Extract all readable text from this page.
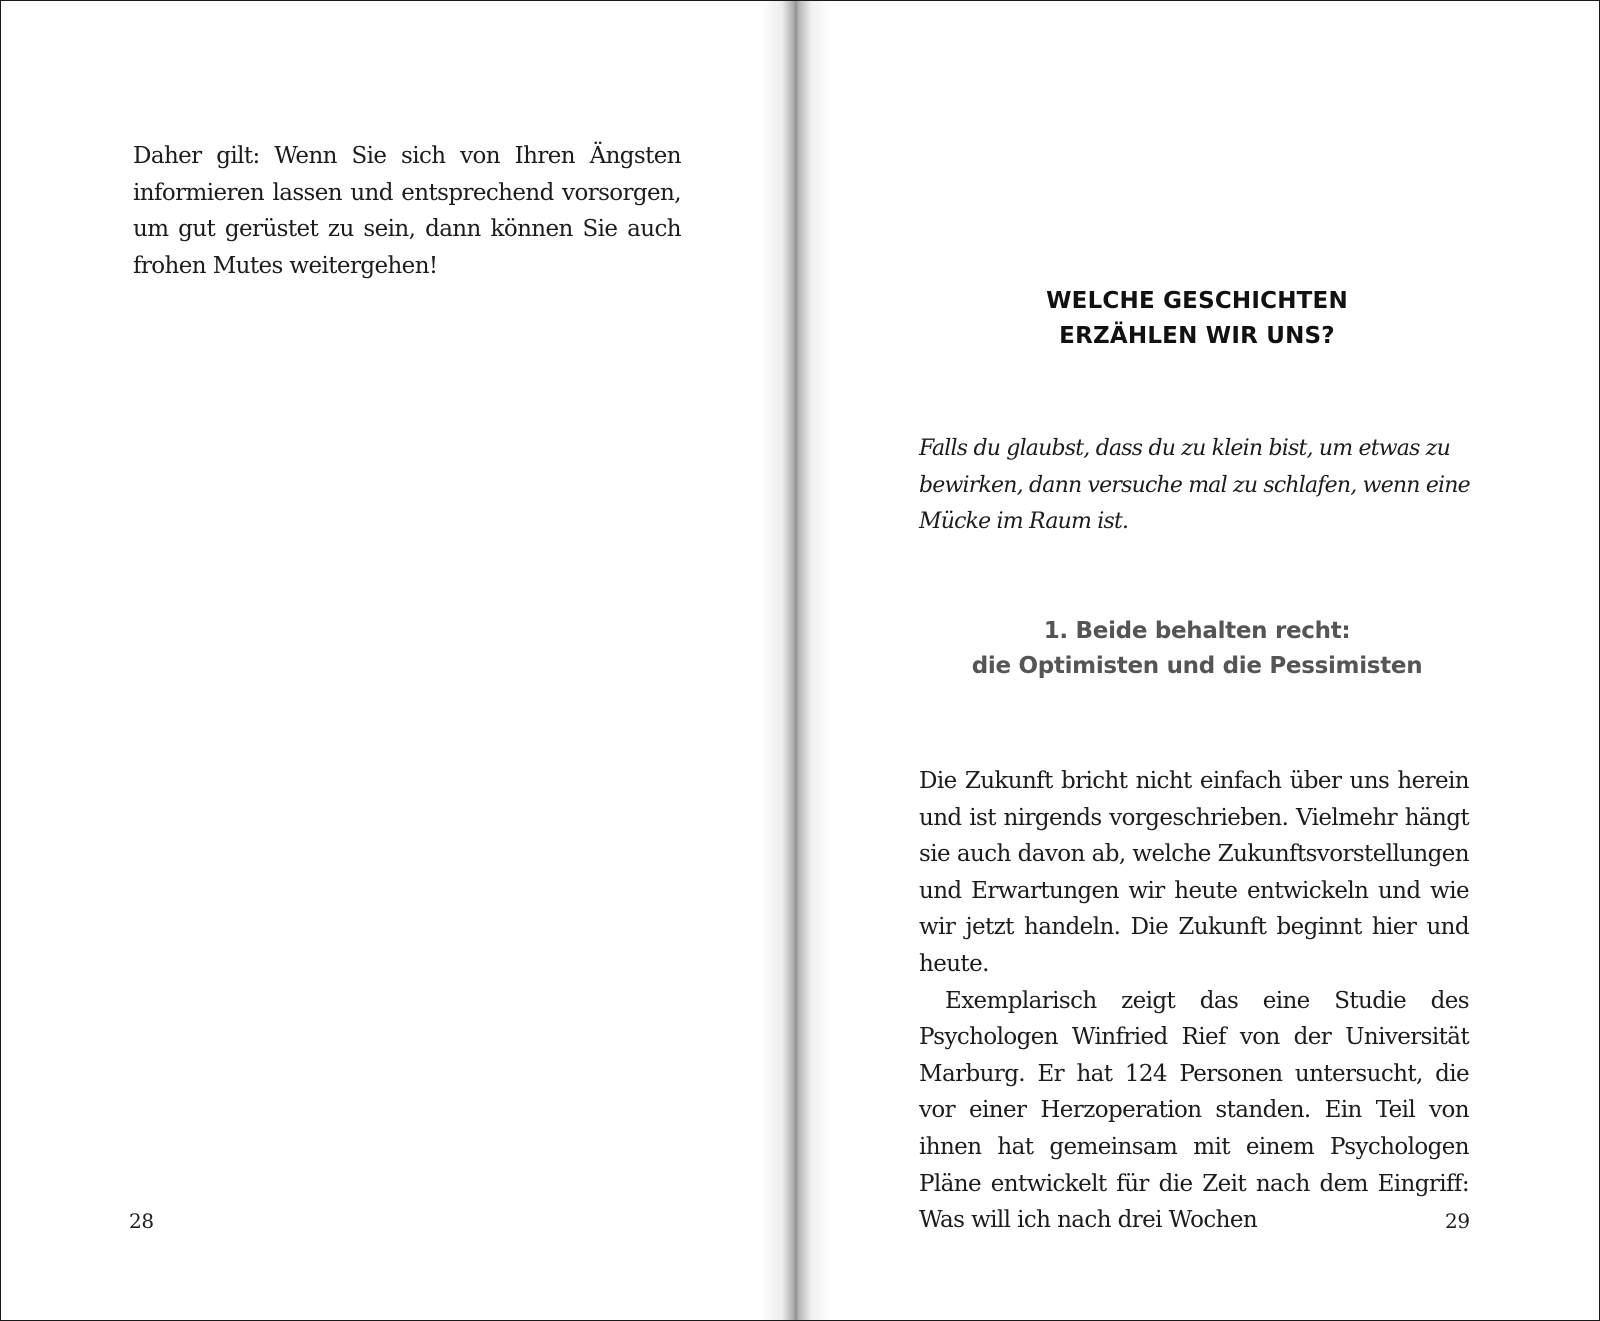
Daher gilt: Wenn Sie sich von Ihren Ängsten informieren lassen und entsprechend vorsorgen, um gut gerüstet zu sein, dann können Sie auch frohen Mutes weitergehen!

28
WELCHE GESCHICHTEN
ERZÄHLEN WIR UNS?

Falls du glaubst, dass du zu klein bist, um etwas zu bewirken, dann versuche mal zu schlafen, wenn eine Mücke im Raum ist.

1. Beide behalten recht:
die Optimisten und die Pessimisten

Die Zukunft bricht nicht einfach über uns herein und ist nirgends vorgeschrieben. Vielmehr hängt sie auch davon ab, welche Zukunftsvorstellungen und Erwartungen wir heute entwickeln und wie wir jetzt handeln. Die Zukunft beginnt hier und heute.

Exemplarisch zeigt das eine Studie des Psychologen Winfried Rief von der Universität Marburg. Er hat 124 Personen untersucht, die vor einer Herzoperation standen. Ein Teil von ihnen hat gemeinsam mit einem Psychologen Pläne entwickelt für die Zeit nach dem Eingriff: Was will ich nach drei Wochen	29
